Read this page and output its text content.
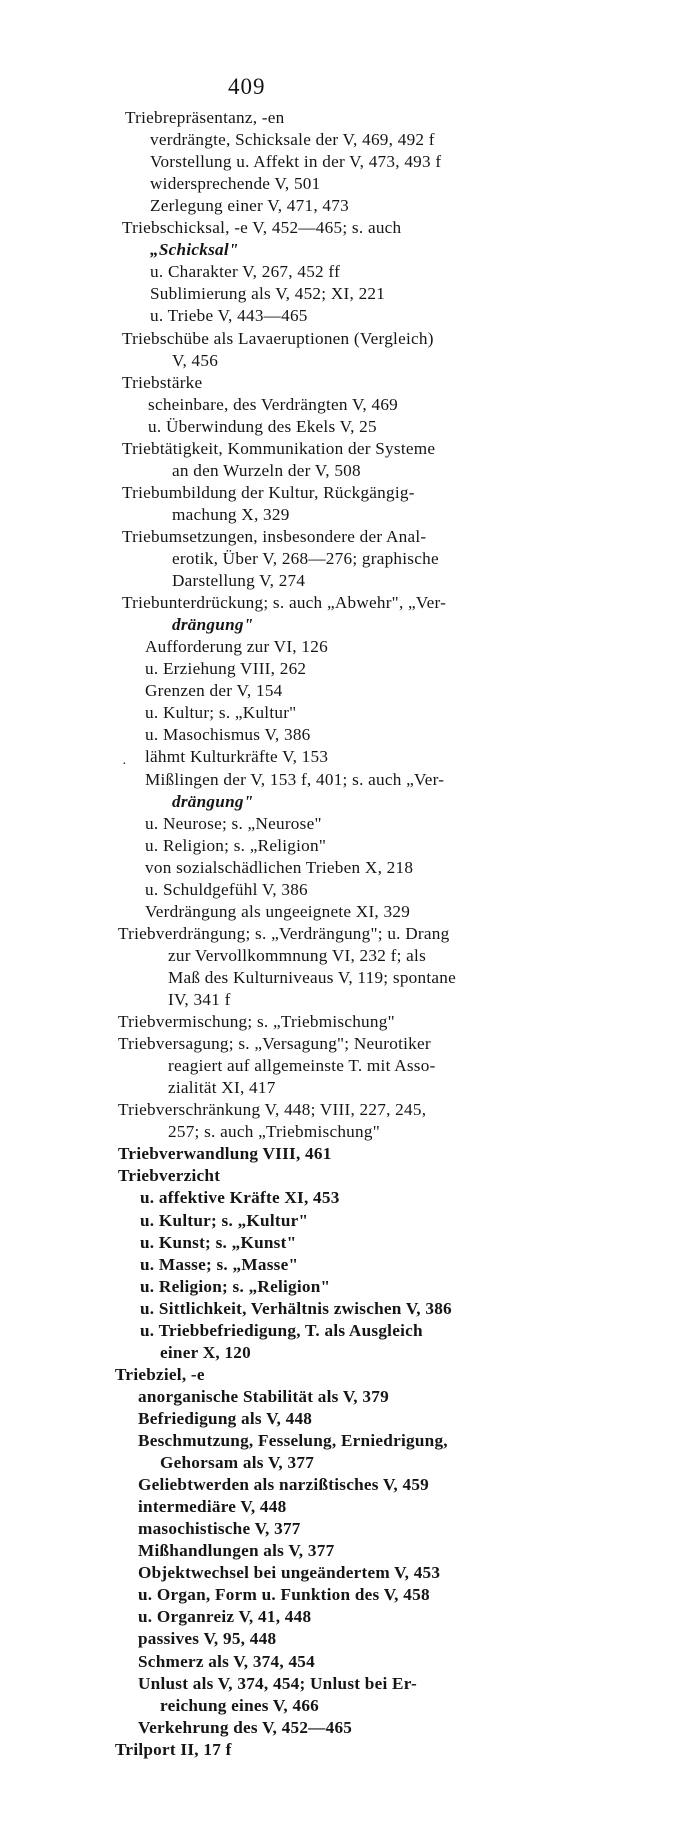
409
Triebrepräsentanz, -en
verdrängte, Schicksale der V, 469, 492 f
Vorstellung u. Affekt in der V, 473, 493 f
widersprechende V, 501
Zerlegung einer V, 471, 473
Triebschicksal, -e V, 452—465; s. auch
„Schicksal"
u. Charakter V, 267, 452 ff
Sublimierung als V, 452; XI, 221
u. Triebe V, 443—465
Triebschübe als Lavaeruptionen (Vergleich)
V, 456
Triebstärke
scheinbare, des Verdrängten V, 469
u. Überwindung des Ekels V, 25
Triebtätigkeit, Kommunikation der Systeme
an den Wurzeln der V, 508
Triebumbildung der Kultur, Rückgängig-
machung X, 329
Triebumsetzungen, insbesondere der Anal-
erotik, Über V, 268—276; graphische
Darstellung V, 274
Triebunterdrückung; s. auch „Abwehr", „Ver-
drängung"
Aufforderung zur VI, 126
u. Erziehung VIII, 262
Grenzen der V, 154
u. Kultur; s. „Kultur"
u. Masochismus V, 386
lähmt Kulturkräfte V, 153
Mißlingen der V, 153 f, 401; s. auch „Ver-
drängung"
u. Neurose; s. „Neurose"
u. Religion; s. „Religion"
von sozialschädlichen Trieben X, 218
u. Schuldgefühl V, 386
Verdrängung als ungeeignete XI, 329
Triebverdrängung; s. „Verdrängung"; u. Drang
zur Vervollkommnung VI, 232 f; als
Maß des Kulturniveaus V, 119; spontane
IV, 341 f
Triebvermischung; s. „Triebmischung"
Triebversagung; s. „Versagung"; Neurotiker
reagiert auf allgemeinste T. mit Asso-
zialität XI, 417
Triebverschränkung V, 448; VIII, 227, 245,
257; s. auch „Triebmischung"
Triebverwandlung VIII, 461
Triebverzicht
u. affektive Kräfte XI, 453
u. Kultur; s. „Kultur"
u. Kunst; s. „Kunst"
u. Masse; s. „Masse"
u. Religion; s. „Religion"
u. Sittlichkeit, Verhältnis zwischen V, 386
u. Triebbefriedigung, T. als Ausgleich
einer X, 120
Triebziel, -e
anorganische Stabilität als V, 379
Befriedigung als V, 448
Beschmutzung, Fesselung, Erniedrigung,
Gehorsam als V, 377
Geliebtwerden als narzißtisches V, 459
intermediäre V, 448
masochistische V, 377
Mißhandlungen als V, 377
Objektwechsel bei ungeändertem V, 453
u. Organ, Form u. Funktion des V, 458
u. Organreiz V, 41, 448
passives V, 95, 448
Schmerz als V, 374, 454
Unlust als V, 374, 454; Unlust bei Er-
reichung eines V, 466
Verkehrung des V, 452—465
Trilport II, 17 f
·
